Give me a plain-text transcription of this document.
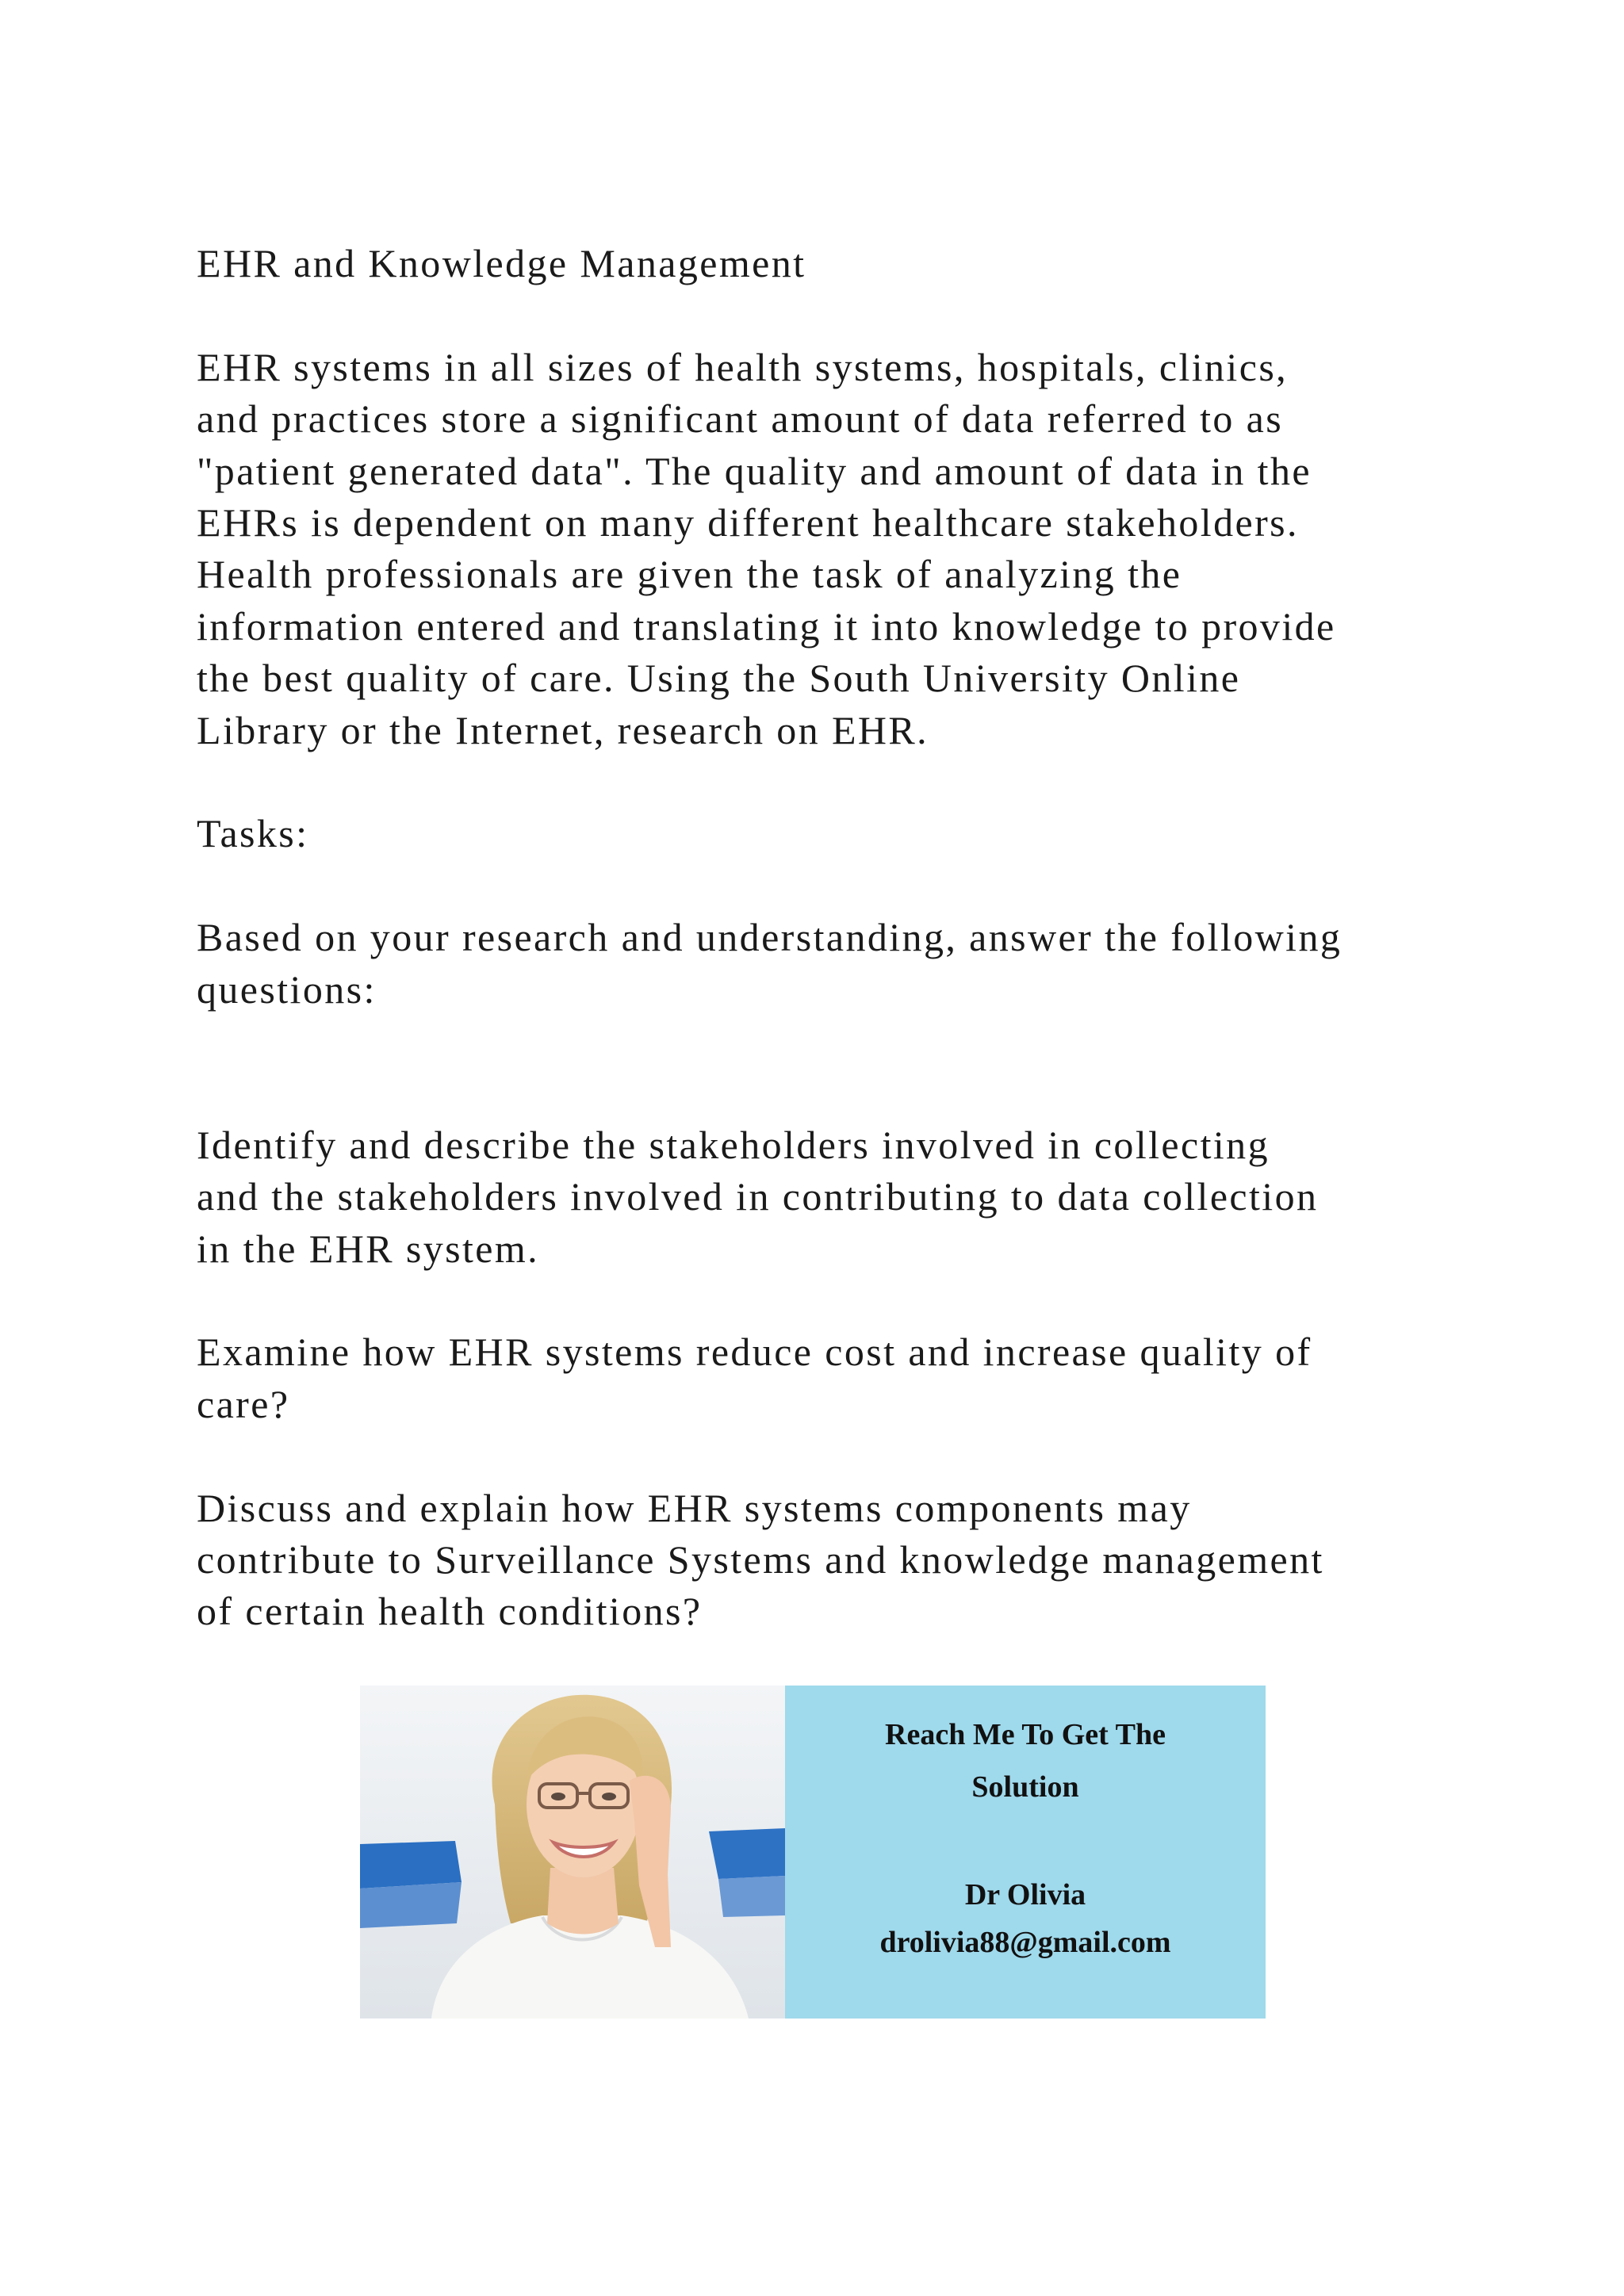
EHR and Knowledge Management

EHR systems in all sizes of health systems, hospitals, clinics,

and practices store a significant amount of data referred to as

"patient generated data". The quality and amount of data in the

EHRs is dependent on many different healthcare stakeholders.

Health professionals are given the task of analyzing the

information entered and translating it into knowledge to provide

the best quality of care. Using the South University Online

Library or the Internet, research on EHR.

Tasks:

Based on your research and understanding, answer the following

questions:

Identify and describe the stakeholders involved in collecting

and the stakeholders involved in contributing to data collection

in the EHR system.

Examine how EHR systems reduce cost and increase quality of

care?

Discuss and explain how EHR systems components may

contribute to Surveillance Systems and knowledge management

of certain health conditions?

Reach Me To Get The
Solution
Dr Olivia
drolivia88@gmail.com
